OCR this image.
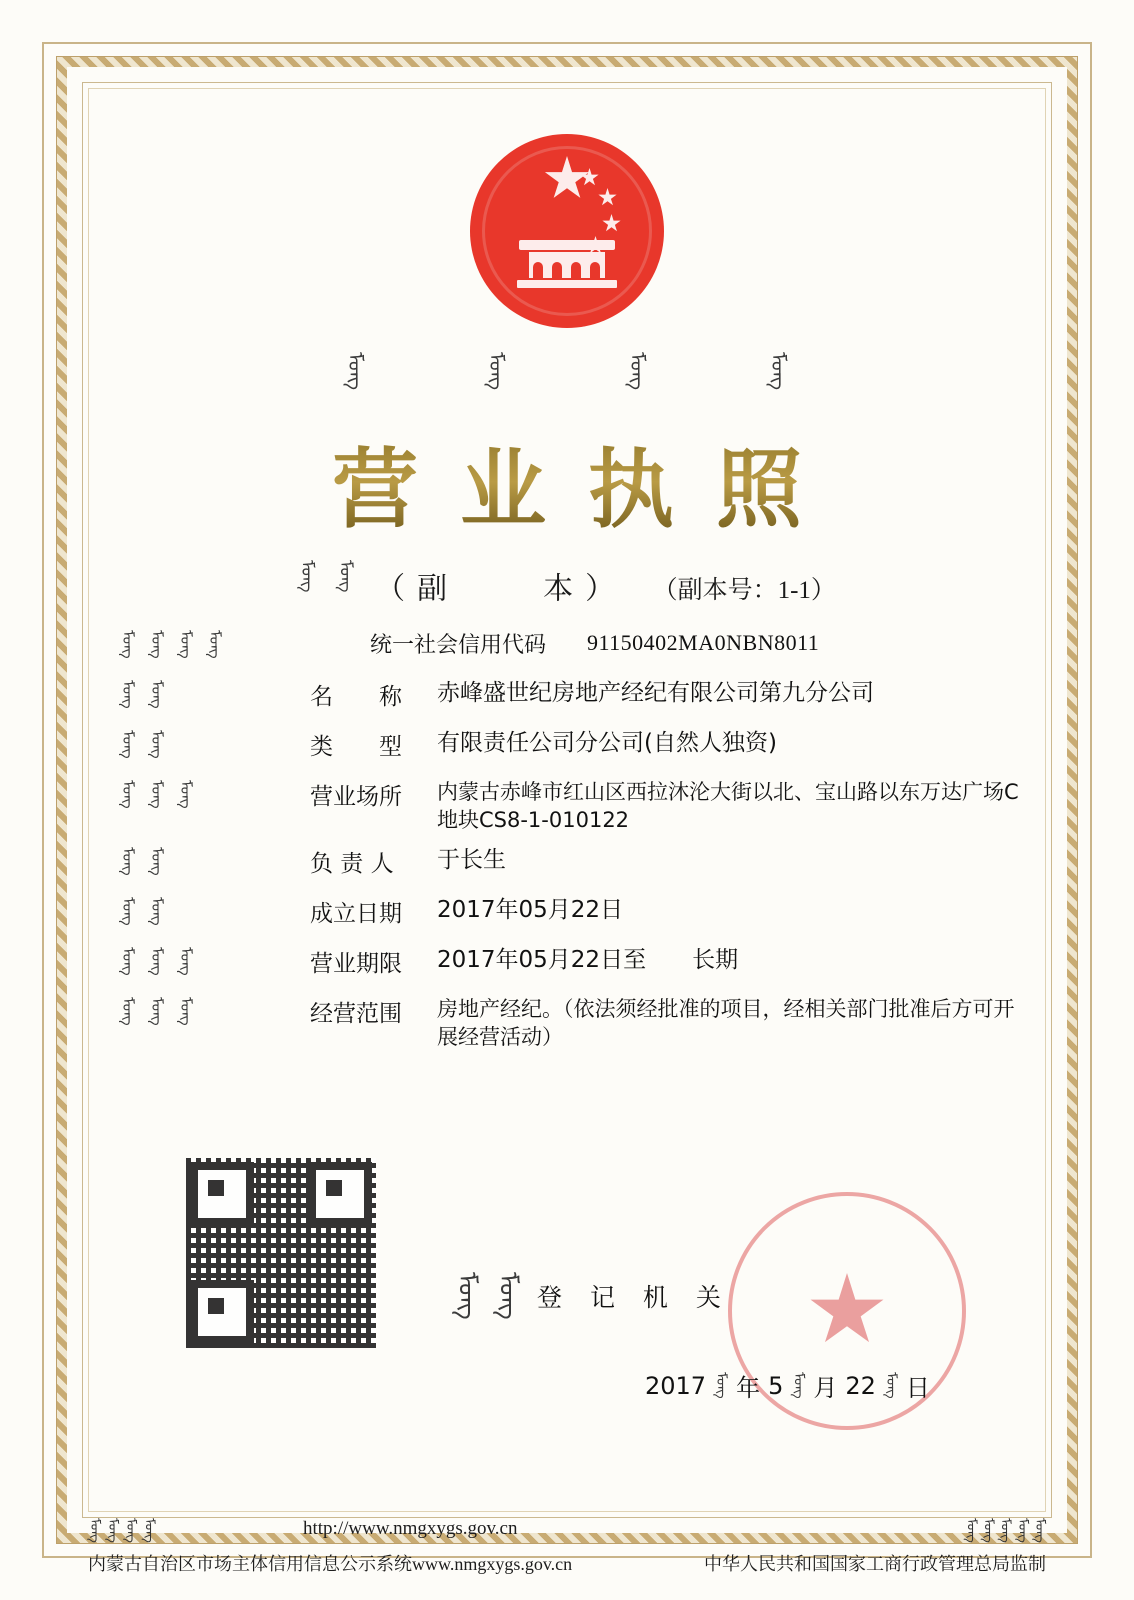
ᠮᠣᠩ	ᠮᠣᠩ	ᠮᠣᠩ	ᠮᠣᠩ
营业执照
ᠮᠣᠩ ᠮᠣᠩ （副　　本） （副本号：1-1）
ᠮᠣᠩ ᠮᠣᠩ ᠮᠣᠩ ᠮᠣᠩ	统一社会信用代码	91150402MA0NBN8011
ᠮᠣᠩ ᠮᠣᠩ	名　　称	赤峰盛世纪房地产经纪有限公司第九分公司
ᠮᠣᠩ ᠮᠣᠩ	类　　型	有限责任公司分公司(自然人独资)
ᠮᠣᠩ ᠮᠣᠩ ᠮᠣᠩ	营业场所	内蒙古赤峰市红山区西拉沐沦大街以北、宝山路以东万达广场C地块CS8-1-010122
ᠮᠣᠩ ᠮᠣᠩ	负 责 人	于长生
ᠮᠣᠩ ᠮᠣᠩ	成立日期	2017年05月22日
ᠮᠣᠩ ᠮᠣᠩ ᠮᠣᠩ	营业期限	2017年05月22日至　　长期
ᠮᠣᠩ ᠮᠣᠩ ᠮᠣᠩ	经营范围	房地产经纪。（依法须经批准的项目，经相关部门批准后方可开展经营活动）
ᠮᠣᠩ ᠮᠣᠩ 登 记 机 关
2017 ᠮᠣᠩ 年 5 ᠮᠣᠩ 月 22 ᠮᠣᠩ 日
ᠮᠣᠩ ᠮᠣᠩ ᠮᠣᠩ ᠮᠣᠩ	http://www.nmgxygs.gov.cn	ᠮᠣᠩ ᠮᠣᠩ ᠮᠣᠩ ᠮᠣᠩ ᠮᠣᠩ
内蒙古自治区市场主体信用信息公示系统www.nmgxygs.gov.cn	中华人民共和国国家工商行政管理总局监制
